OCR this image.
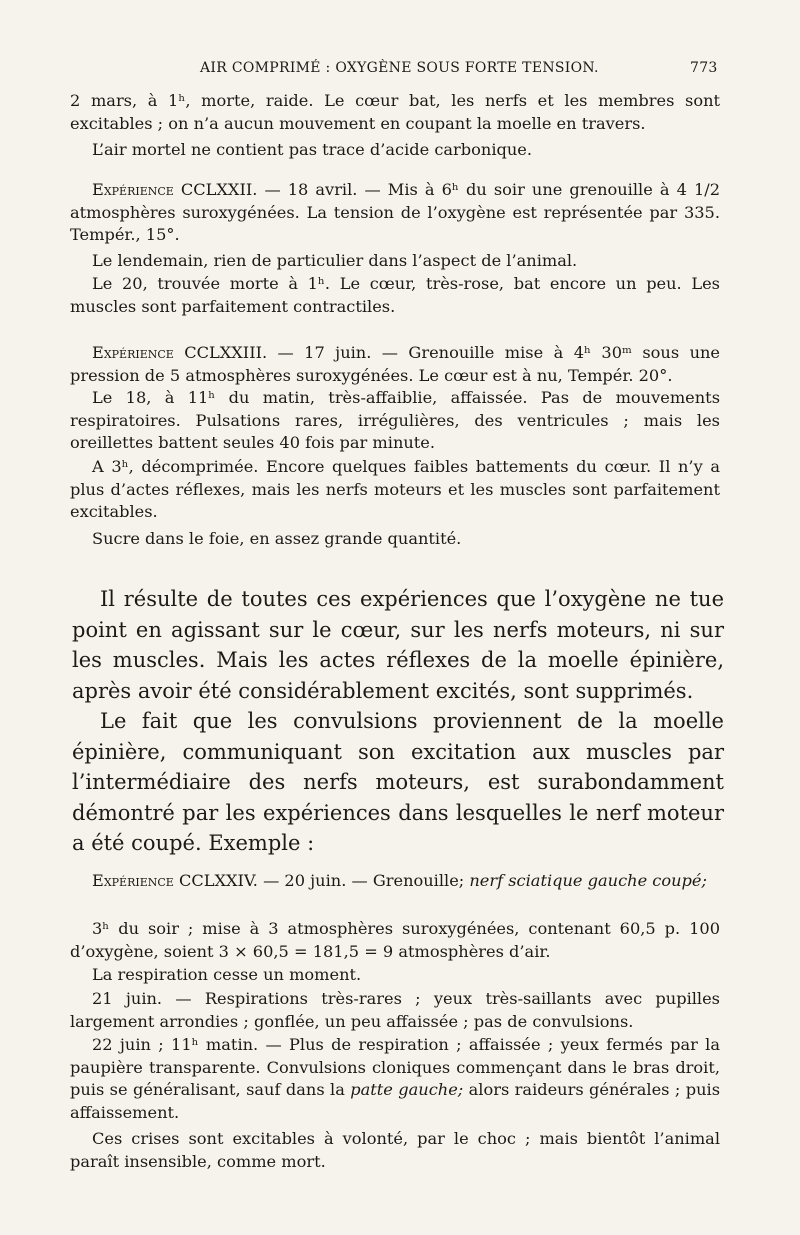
AIR COMPRIMÉ : OXYGÈNE SOUS FORTE TENSION.	773

2 mars, à 1ʰ, morte, raide. Le cœur bat, les nerfs et les membres sont excitables ; on n’a aucun mouvement en coupant la moelle en travers.

L’air mortel ne contient pas trace d’acide carbonique.

Expérience CCLXXII. — 18 avril. — Mis à 6ʰ du soir une grenouille à 4 1/2 atmosphères suroxygénées. La tension de l’oxygène est représentée par 335. Tempér., 15°.

Le lendemain, rien de particulier dans l’aspect de l’animal.

Le 20, trouvée morte à 1ʰ. Le cœur, très-rose, bat encore un peu. Les muscles sont parfaitement contractiles.

Expérience CCLXXIII. — 17 juin. — Grenouille mise à 4ʰ 30ᵐ sous une pression de 5 atmosphères suroxygénées. Le cœur est à nu, Tempér. 20°.

Le 18, à 11ʰ du matin, très-affaiblie, affaissée. Pas de mouvements respiratoires. Pulsations rares, irrégulières, des ventricules ; mais les oreillettes battent seules 40 fois par minute.

A 3ʰ, décomprimée. Encore quelques faibles battements du cœur. Il n’y a plus d’actes réflexes, mais les nerfs moteurs et les muscles sont parfaitement excitables.

Sucre dans le foie, en assez grande quantité.

Il résulte de toutes ces expériences que l’oxygène ne tue point en agissant sur le cœur, sur les nerfs moteurs, ni sur les muscles. Mais les actes réflexes de la moelle épinière, après avoir été considérablement excités, sont supprimés.

Le fait que les convulsions proviennent de la moelle épinière, communiquant son excitation aux muscles par l’intermédiaire des nerfs moteurs, est surabondamment démontré par les expériences dans lesquelles le nerf moteur a été coupé. Exemple :

Expérience CCLXXIV. — 20 juin. — Grenouille; nerf sciatique gauche coupé;

3ʰ du soir ; mise à 3 atmosphères suroxygénées, contenant 60,5 p. 100 d’oxygène, soient 3 × 60,5 = 181,5 = 9 atmosphères d’air.

La respiration cesse un moment.

21 juin. — Respirations très-rares ; yeux très-saillants avec pupilles largement arrondies ; gonflée, un peu affaissée ; pas de convulsions.

22 juin ; 11ʰ matin. — Plus de respiration ; affaissée ; yeux fermés par la paupière transparente. Convulsions cloniques commençant dans le bras droit, puis se généralisant, sauf dans la patte gauche; alors raideurs générales ; puis affaissement.

Ces crises sont excitables à volonté, par le choc ; mais bientôt l’animal paraît insensible, comme mort.
